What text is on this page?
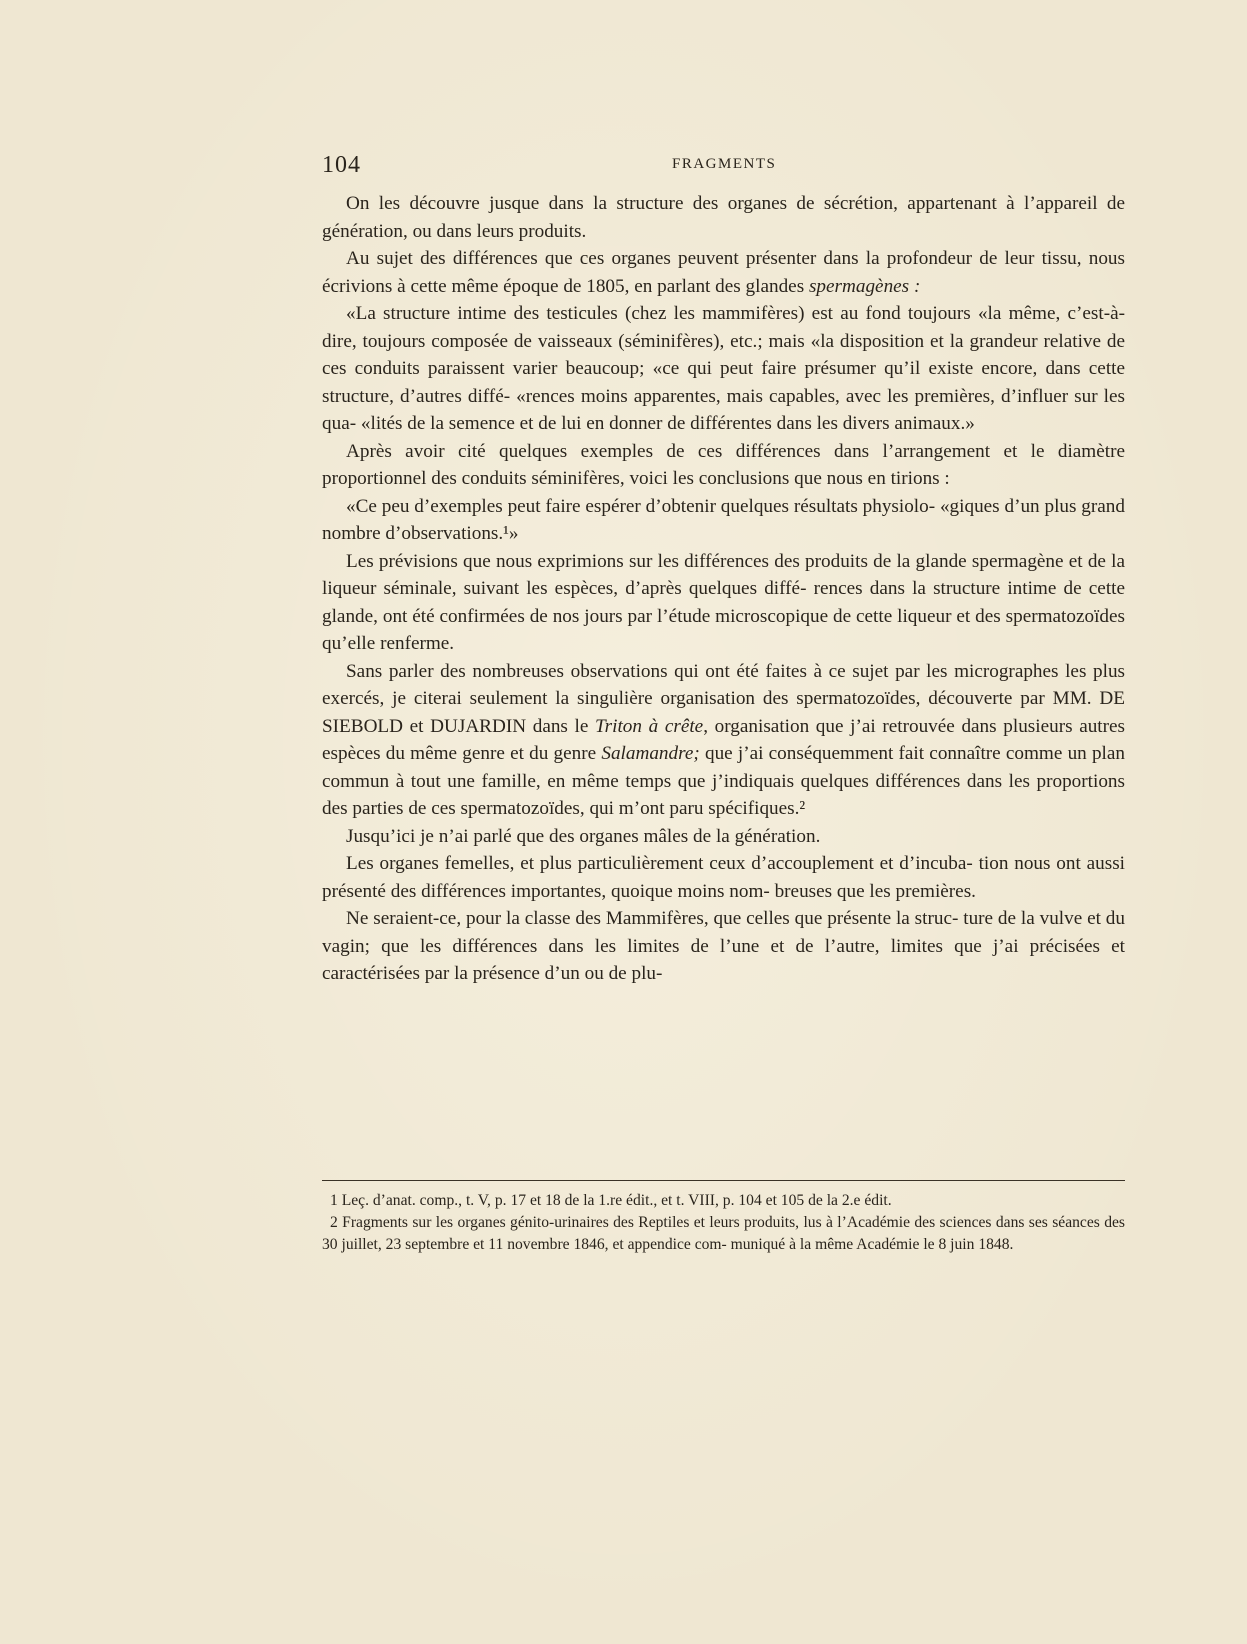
104	FRAGMENTS

On les découvre jusque dans la structure des organes de sécrétion, appartenant à l’appareil de génération, ou dans leurs produits.

Au sujet des différences que ces organes peuvent présenter dans la profondeur de leur tissu, nous écrivions à cette même époque de 1805, en parlant des glandes spermagènes :

«La structure intime des testicules (chez les mammifères) est au fond toujours «la même, c’est-à-dire, toujours composée de vaisseaux (séminifères), etc.; mais «la disposition et la grandeur relative de ces conduits paraissent varier beaucoup; «ce qui peut faire présumer qu’il existe encore, dans cette structure, d’autres diffé- «rences moins apparentes, mais capables, avec les premières, d’influer sur les qua- «lités de la semence et de lui en donner de différentes dans les divers animaux.»

Après avoir cité quelques exemples de ces différences dans l’arrangement et le diamètre proportionnel des conduits séminifères, voici les conclusions que nous en tirions :

«Ce peu d’exemples peut faire espérer d’obtenir quelques résultats physiolo- «giques d’un plus grand nombre d’observations.¹»

Les prévisions que nous exprimions sur les différences des produits de la glande spermagène et de la liqueur séminale, suivant les espèces, d’après quelques diffé- rences dans la structure intime de cette glande, ont été confirmées de nos jours par l’étude microscopique de cette liqueur et des spermatozoïdes qu’elle renferme.

Sans parler des nombreuses observations qui ont été faites à ce sujet par les micrographes les plus exercés, je citerai seulement la singulière organisation des spermatozoïdes, découverte par MM. DE SIEBOLD et DUJARDIN dans le Triton à crête, organisation que j’ai retrouvée dans plusieurs autres espèces du même genre et du genre Salamandre; que j’ai conséquemment fait connaître comme un plan commun à tout une famille, en même temps que j’indiquais quelques différences dans les proportions des parties de ces spermatozoïdes, qui m’ont paru spécifiques.²

Jusqu’ici je n’ai parlé que des organes mâles de la génération.

Les organes femelles, et plus particulièrement ceux d’accouplement et d’incuba- tion nous ont aussi présenté des différences importantes, quoique moins nom- breuses que les premières.

Ne seraient-ce, pour la classe des Mammifères, que celles que présente la struc- ture de la vulve et du vagin; que les différences dans les limites de l’une et de l’autre, limites que j’ai précisées et caractérisées par la présence d’un ou de plu-

1 Leç. d’anat. comp., t. V, p. 17 et 18 de la 1.re édit., et t. VIII, p. 104 et 105 de la 2.e édit.

2 Fragments sur les organes génito-urinaires des Reptiles et leurs produits, lus à l’Académie des sciences dans ses séances des 30 juillet, 23 septembre et 11 novembre 1846, et appendice com- muniqué à la même Académie le 8 juin 1848.
